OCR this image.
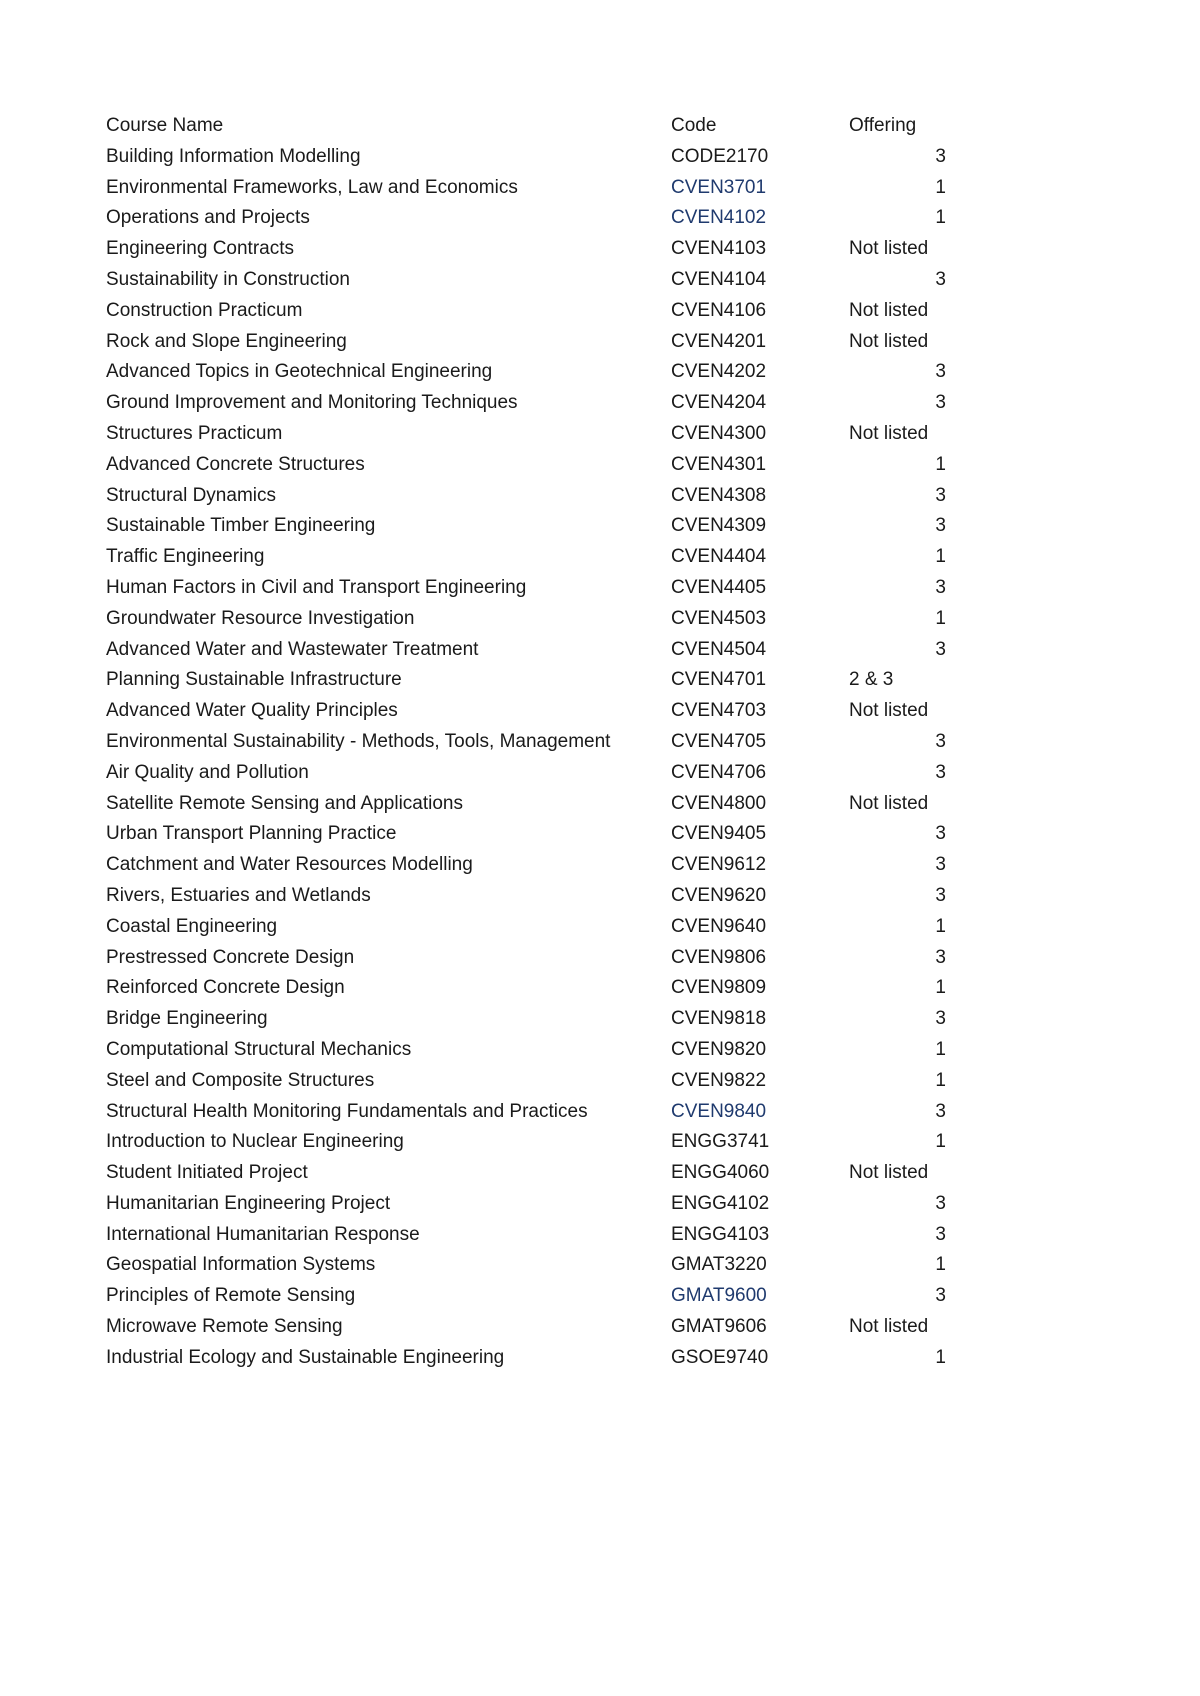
Course Name	Code	Offering
Building Information Modelling	CODE2170	3
Environmental Frameworks, Law and Economics	CVEN3701	1
Operations and Projects	CVEN4102	1
Engineering Contracts	CVEN4103	Not listed
Sustainability in Construction	CVEN4104	3
Construction Practicum	CVEN4106	Not listed
Rock and Slope Engineering	CVEN4201	Not listed
Advanced Topics in Geotechnical Engineering	CVEN4202	3
Ground Improvement and Monitoring Techniques	CVEN4204	3
Structures Practicum	CVEN4300	Not listed
Advanced Concrete Structures	CVEN4301	1
Structural Dynamics	CVEN4308	3
Sustainable Timber Engineering	CVEN4309	3
Traffic Engineering	CVEN4404	1
Human Factors in Civil and Transport Engineering	CVEN4405	3
Groundwater Resource Investigation	CVEN4503	1
Advanced Water and Wastewater Treatment	CVEN4504	3
Planning Sustainable Infrastructure	CVEN4701	2 & 3
Advanced Water Quality Principles	CVEN4703	Not listed
Environmental Sustainability - Methods, Tools, Management	CVEN4705	3
Air Quality and Pollution	CVEN4706	3
Satellite Remote Sensing and Applications	CVEN4800	Not listed
Urban Transport Planning Practice	CVEN9405	3
Catchment and Water Resources Modelling	CVEN9612	3
Rivers, Estuaries and Wetlands	CVEN9620	3
Coastal Engineering	CVEN9640	1
Prestressed Concrete Design	CVEN9806	3
Reinforced Concrete Design	CVEN9809	1
Bridge Engineering	CVEN9818	3
Computational Structural Mechanics	CVEN9820	1
Steel and Composite Structures	CVEN9822	1
Structural Health Monitoring Fundamentals and Practices	CVEN9840	3
Introduction to Nuclear Engineering	ENGG3741	1
Student Initiated Project	ENGG4060	Not listed
Humanitarian Engineering Project	ENGG4102	3
International Humanitarian Response	ENGG4103	3
Geospatial Information Systems	GMAT3220	1
Principles of Remote Sensing	GMAT9600	3
Microwave Remote Sensing	GMAT9606	Not listed
Industrial Ecology and Sustainable Engineering	GSOE9740	1
